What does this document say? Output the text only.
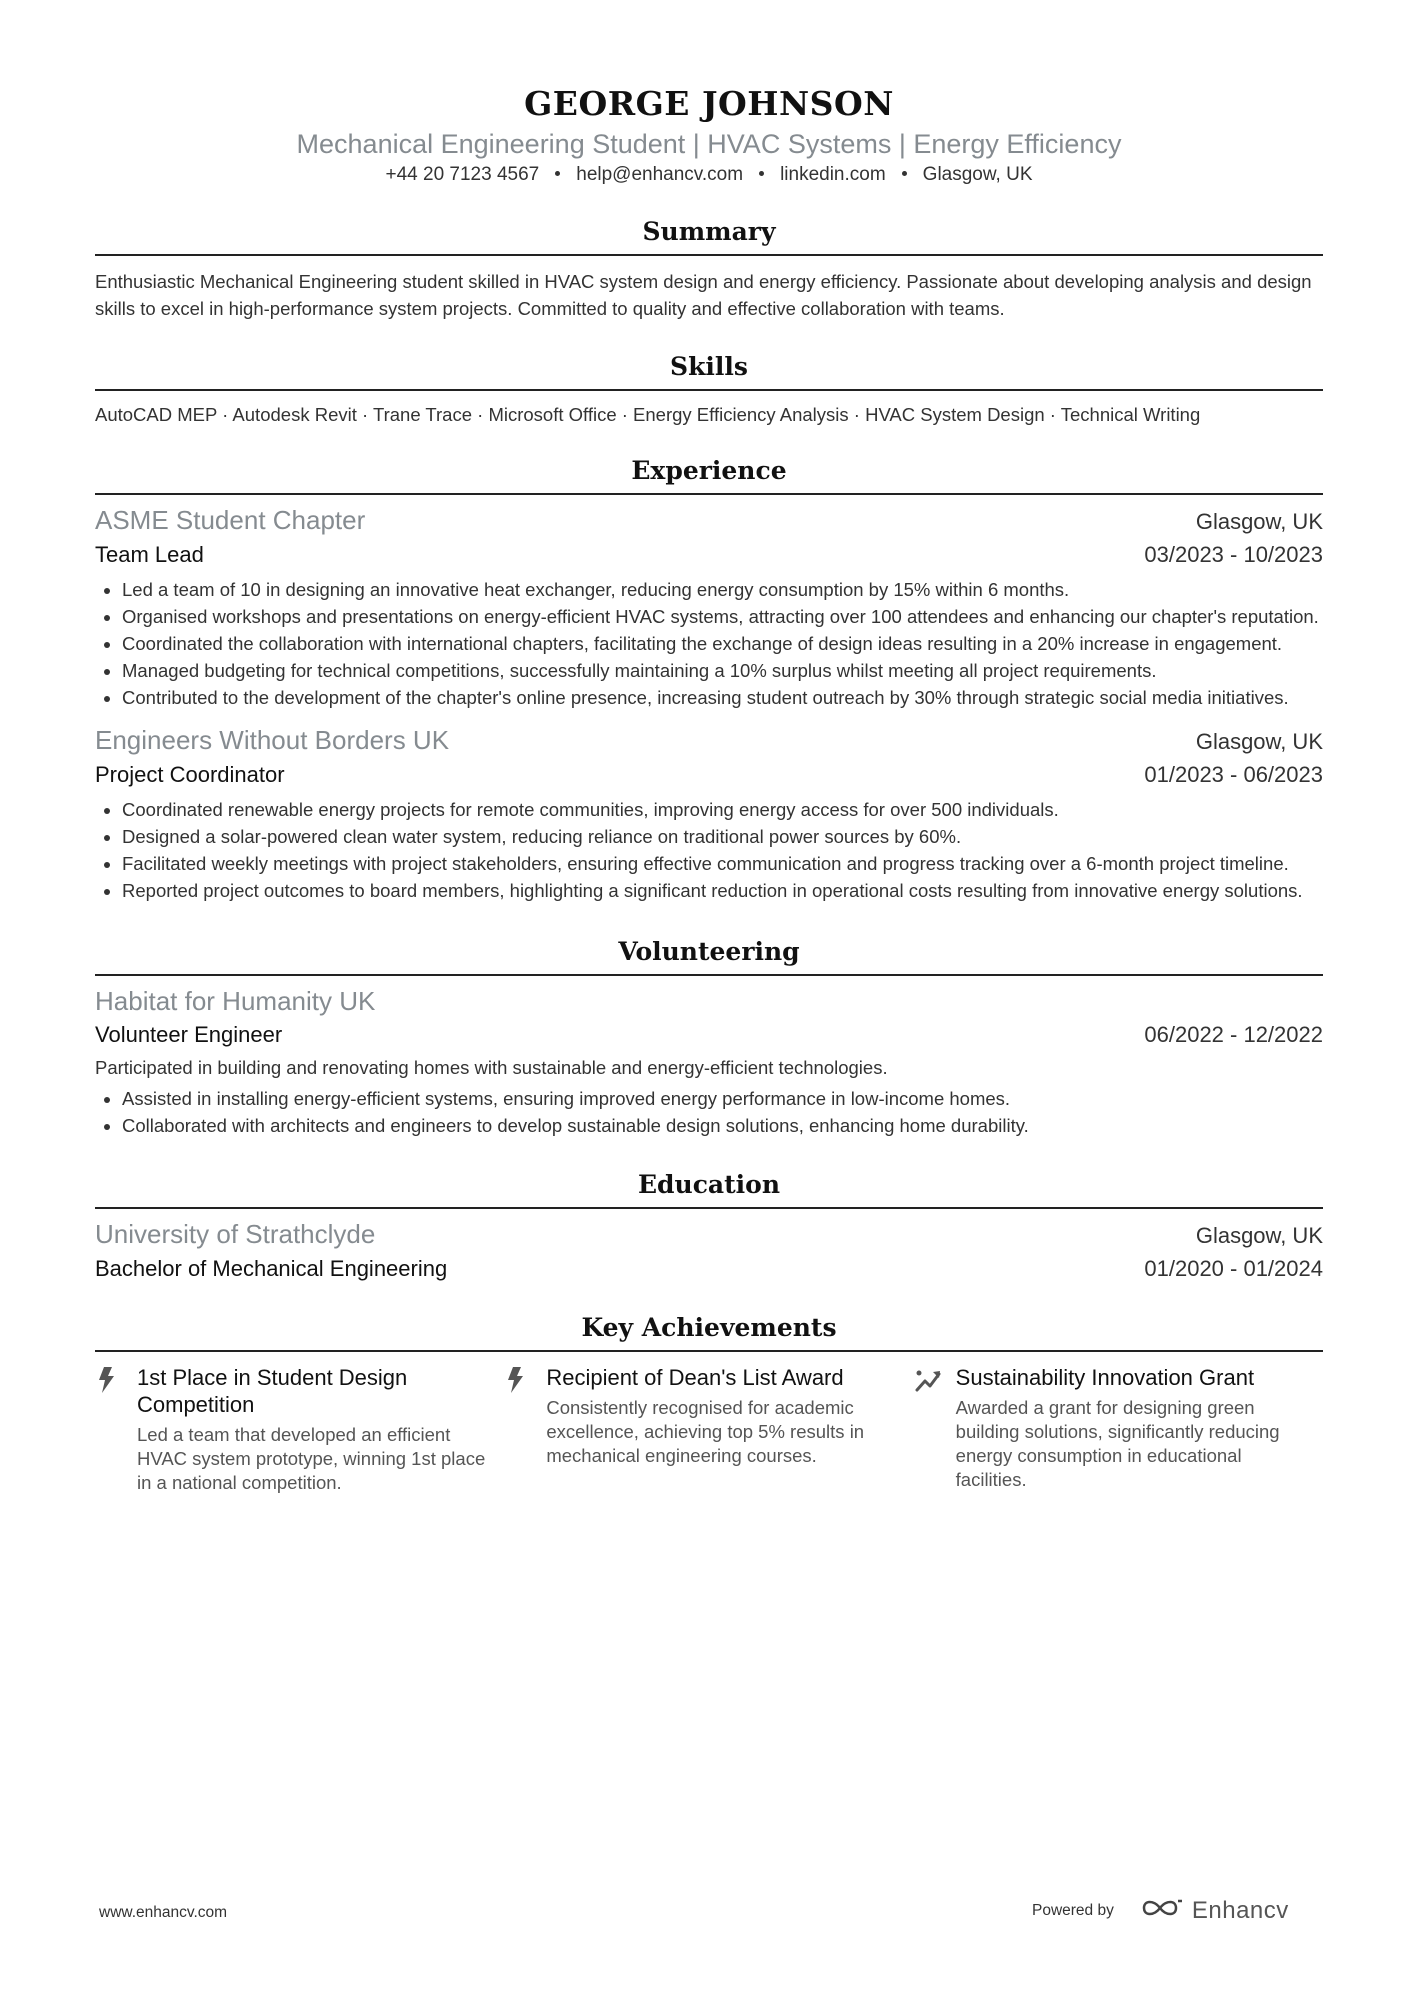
GEORGE JOHNSON
Mechanical Engineering Student | HVAC Systems | Energy Efficiency
+44 20 7123 4567 help@enhancv.com linkedin.com Glasgow, UK
Summary
Enthusiastic Mechanical Engineering student skilled in HVAC system design and energy efficiency. Passionate about developing analysis and design skills to excel in high-performance system projects. Committed to quality and effective collaboration with teams.
Skills
AutoCAD MEP · Autodesk Revit · Trane Trace · Microsoft Office · Energy Efficiency Analysis · HVAC System Design · Technical Writing
Experience
ASME Student Chapter	Glasgow, UK
Team Lead	03/2023 - 10/2023
• Led a team of 10 in designing an innovative heat exchanger, reducing energy consumption by 15% within 6 months.
• Organised workshops and presentations on energy-efficient HVAC systems, attracting over 100 attendees and enhancing our chapter's reputation.
• Coordinated the collaboration with international chapters, facilitating the exchange of design ideas resulting in a 20% increase in engagement.
• Managed budgeting for technical competitions, successfully maintaining a 10% surplus whilst meeting all project requirements.
• Contributed to the development of the chapter's online presence, increasing student outreach by 30% through strategic social media initiatives.
Engineers Without Borders UK	Glasgow, UK
Project Coordinator	01/2023 - 06/2023
• Coordinated renewable energy projects for remote communities, improving energy access for over 500 individuals.
• Designed a solar-powered clean water system, reducing reliance on traditional power sources by 60%.
• Facilitated weekly meetings with project stakeholders, ensuring effective communication and progress tracking over a 6-month project timeline.
• Reported project outcomes to board members, highlighting a significant reduction in operational costs resulting from innovative energy solutions.
Volunteering
Habitat for Humanity UK
Volunteer Engineer	06/2022 - 12/2022
Participated in building and renovating homes with sustainable and energy-efficient technologies.
• Assisted in installing energy-efficient systems, ensuring improved energy performance in low-income homes.
• Collaborated with architects and engineers to develop sustainable design solutions, enhancing home durability.
Education
University of Strathclyde	Glasgow, UK
Bachelor of Mechanical Engineering	01/2020 - 01/2024
Key Achievements
1st Place in Student Design Competition
Led a team that developed an efficient HVAC system prototype, winning 1st place in a national competition.
Recipient of Dean's List Award
Consistently recognised for academic excellence, achieving top 5% results in mechanical engineering courses.
Sustainability Innovation Grant
Awarded a grant for designing green building solutions, significantly reducing energy consumption in educational facilities.
www.enhancv.com	Powered by	Enhancv
